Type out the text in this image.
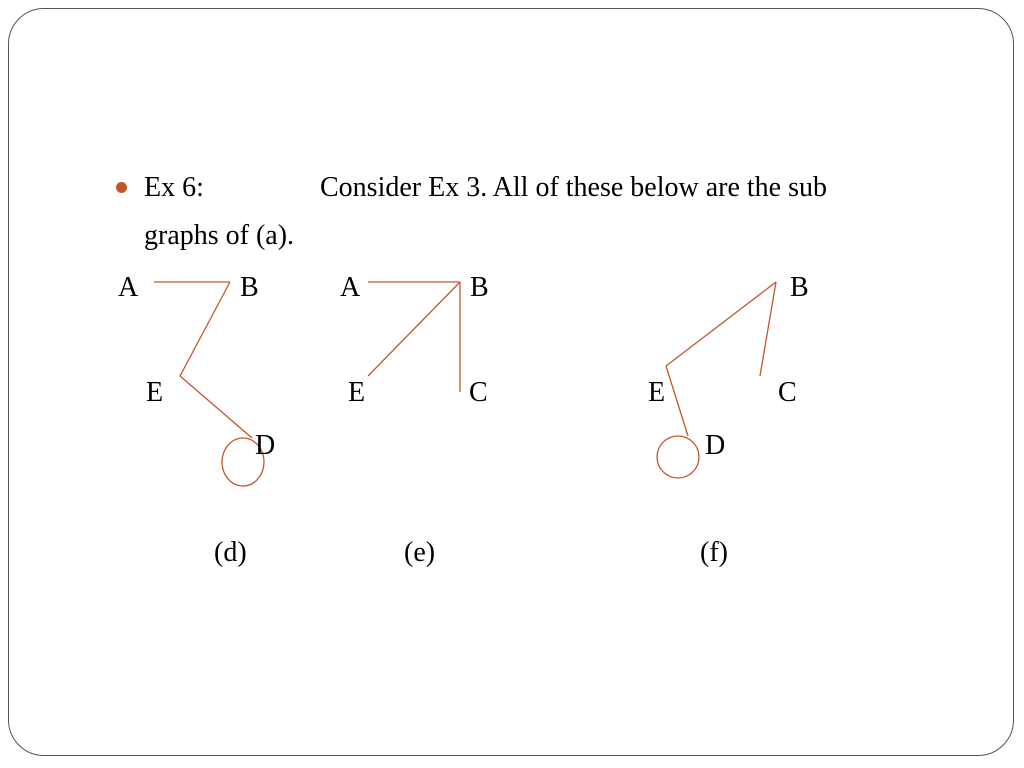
Ex 6:	Consider Ex 3. All of these below are the sub
graphs of (a).
A	B
E
D
(d)
A	B
E	C
(e)
B
E	C
D
(f)
